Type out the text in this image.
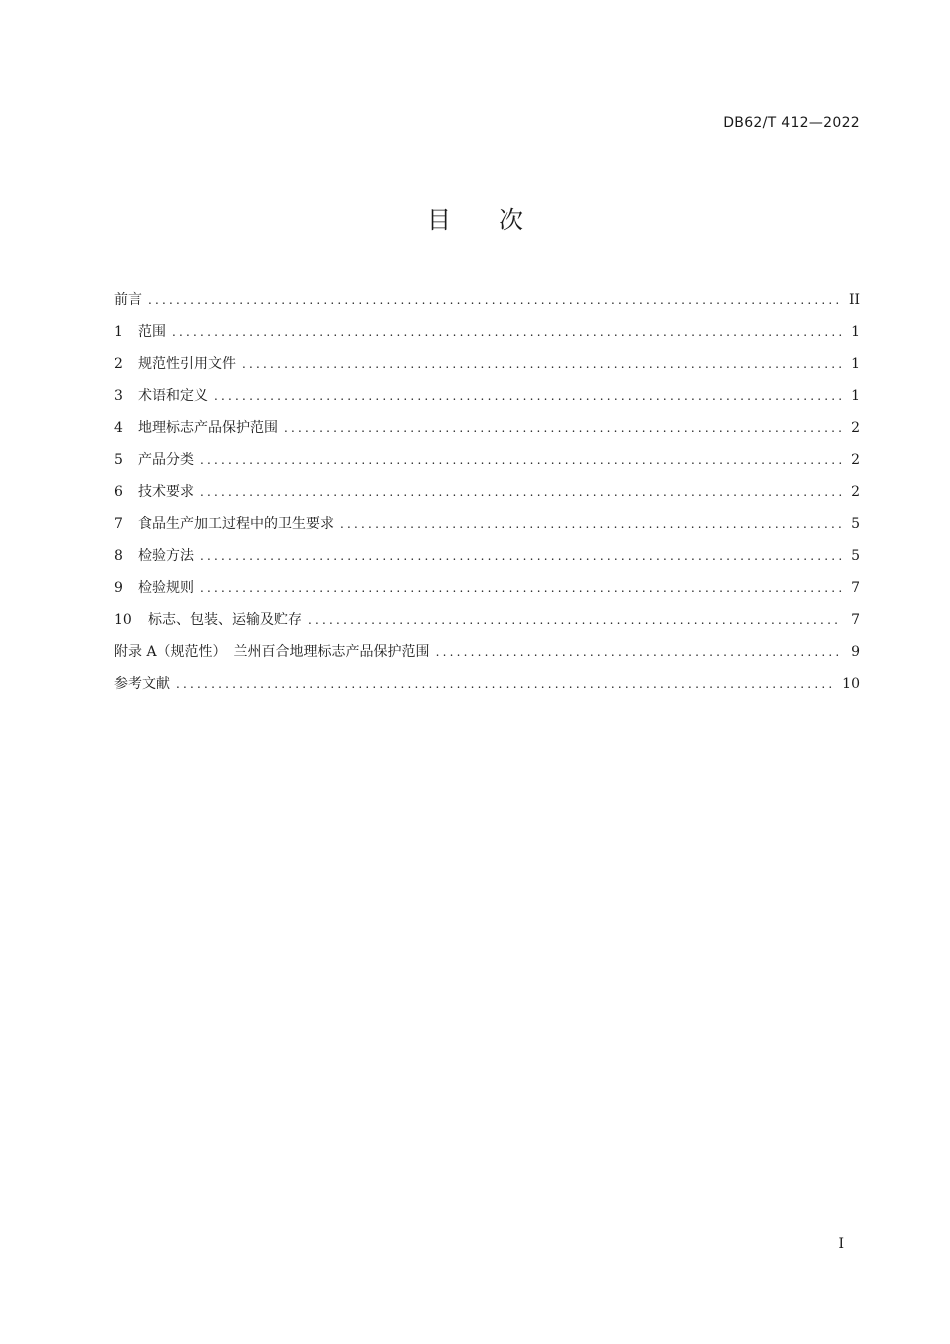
DB62/T 412—2022
目 次
前言 .....	II
1	范围 .....	1
2	规范性引用文件 .....	1
3	术语和定义 .....	1
4	地理标志产品保护范围 .....	2
5	产品分类 .....	2
6	技术要求 .....	2
7	食品生产加工过程中的卫生要求 .....	5
8	检验方法 .....	5
9	检验规则 .....	7
10	标志、包装、运输及贮存 .....	7
附录 A（规范性）　兰州百合地理标志产品保护范围 .....	9
参考文献 .....	10
I
